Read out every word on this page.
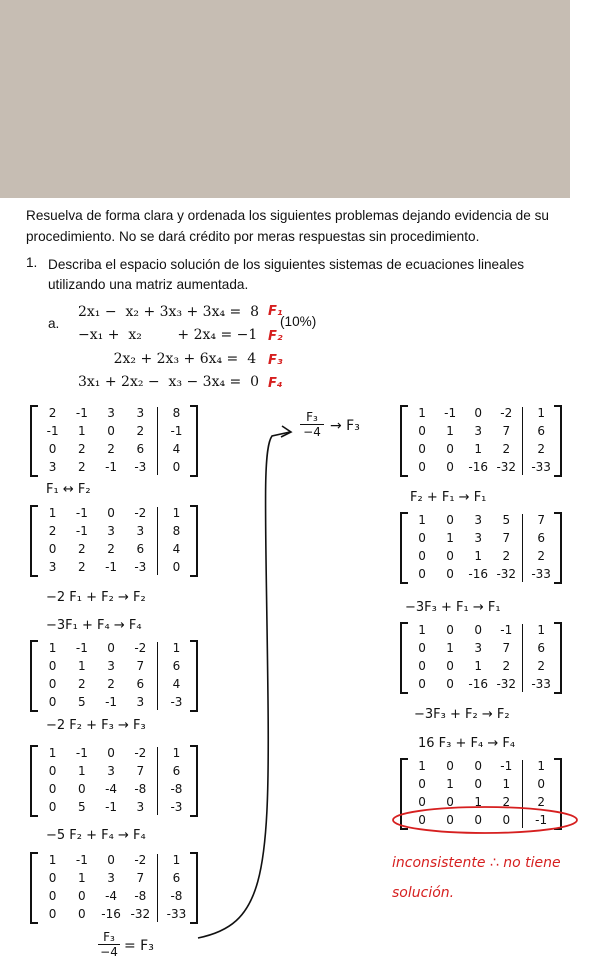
Resuelva de forma clara y ordenada los siguientes problemas dejando evidencia de su procedimiento. No se dará crédito por meras respuestas sin procedimiento.

1. Describa el espacio solución de los siguientes sistemas de ecuaciones lineales utilizando una matriz aumentada.

a.	(10%)
2x₁ −  x₂ + 3x₃ + 3x₄ =  8 F₁
−x₁ +  x₂        + 2x₄ = −1 F₂
2x₂ + 2x₃ + 6x₄ =  4 F₃
3x₁ + 2x₂ −  x₃ − 3x₄ =  0 F₄
2	-1	3	3	8
-1	1	0	2	-1
0	2	2	6	4
3	2	-1	-3	0
F₁ ↔ F₂
1	-1	0	-2	1
2	-1	3	3	8
0	2	2	6	4
3	2	-1	-3	0
−2 F₁ + F₂ → F₂
−3F₁ + F₄ → F₄
1	-1	0	-2	1
0	1	3	7	6
0	2	2	6	4
0	5	-1	3	-3
−2 F₂ + F₃ → F₃
1	-1	0	-2	1
0	1	3	7	6
0	0	-4	-8	-8
0	5	-1	3	-3
−5 F₂ + F₄ → F₄
1	-1	0	-2	1
0	1	3	7	6
0	0	-4	-8	-8
0	0	-16 -32 -33
$\frac{\text{F₃}}{-4} = F_3$
$\frac{\text{F₃}}{-4} \to F_3$
1	-1	0	-2	1
0	1	3	7	6
0	0	1	2	2
0	0	-16 -32 -33
F₂ + F₁ → F₁
1	0	3	5	7
0	1	3	7	6
0	0	1	2	2
0	0	-16 -32 -33
−3F₃ + F₁ → F₁
1	0	0	-1	1
0	1	3	7	6
0	0	1	2	2
0	0	-16 -32 -33
−3F₃ + F₂ → F₂
16 F₃ + F₄ → F₄
1	0	0	-1	1
0	1	0	1	0
0	0	1	2	2
0	0	0	0	-1
inconsistente ∴ no tiene
solución.
